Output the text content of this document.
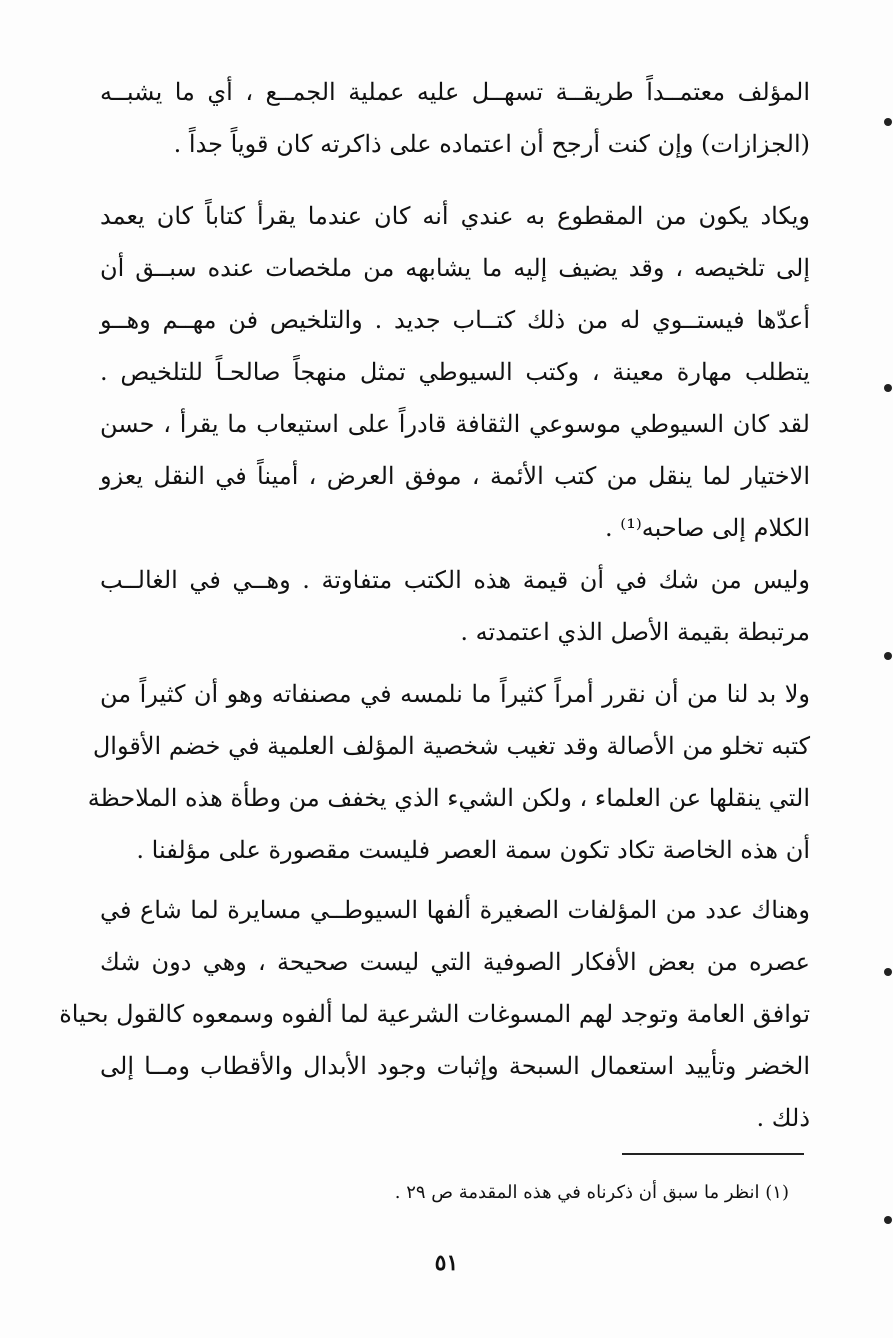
المؤلف معتمــداً طريقــة تسهــل عليه عملية الجمــع ، أي ما يشبــه
(الجزازات) وإن كنت أرجح أن اعتماده على ذاكرته كان قوياً جداً .
ويكاد يكون من المقطوع به عندي أنه كان عندما يقرأ كتاباً كان يعمد
إلى تلخيصه ، وقد يضيف إليه ما يشابهه من ملخصات عنده سبــق أن
أعدّها فيستــوي له من ذلك كتــاب جديد . والتلخيص فن مهــم وهــو
يتطلب مهارة معينة ، وكتب السيوطي تمثل منهجاً صالحـاً للتلخيص .
لقد كان السيوطي موسوعي الثقافة قادراً على استيعاب ما يقرأ ، حسن
الاختيار لما ينقل من كتب الأئمة ، موفق العرض ، أميناً في النقل يعزو
الكلام إلى صاحبه⁽¹⁾ .
وليس من شك في أن قيمة هذه الكتب متفاوتة . وهــي في الغالــب
مرتبطة بقيمة الأصل الذي اعتمدته .
ولا بد لنا من أن نقرر أمراً كثيراً ما نلمسه في مصنفاته وهو أن كثيراً من
كتبه تخلو من الأصالة وقد تغيب شخصية المؤلف العلمية في خضم الأقوال
التي ينقلها عن العلماء ، ولكن الشيء الذي يخفف من وطأة هذه الملاحظة
أن هذه الخاصة تكاد تكون سمة العصر فليست مقصورة على مؤلفنا .
وهناك عدد من المؤلفات الصغيرة ألفها السيوطــي مسايرة لما شاع في
عصره من بعض الأفكار الصوفية التي ليست صحيحة ، وهي دون شك
توافق العامة وتوجد لهم المسوغات الشرعية لما ألفوه وسمعوه كالقول بحياة
الخضر وتأييد استعمال السبحة وإثبات وجود الأبدال والأقطاب ومــا إلى
ذلك .
(١) انظر ما سبق أن ذكرناه في هذه المقدمة ص ٢٩ .
٥١
